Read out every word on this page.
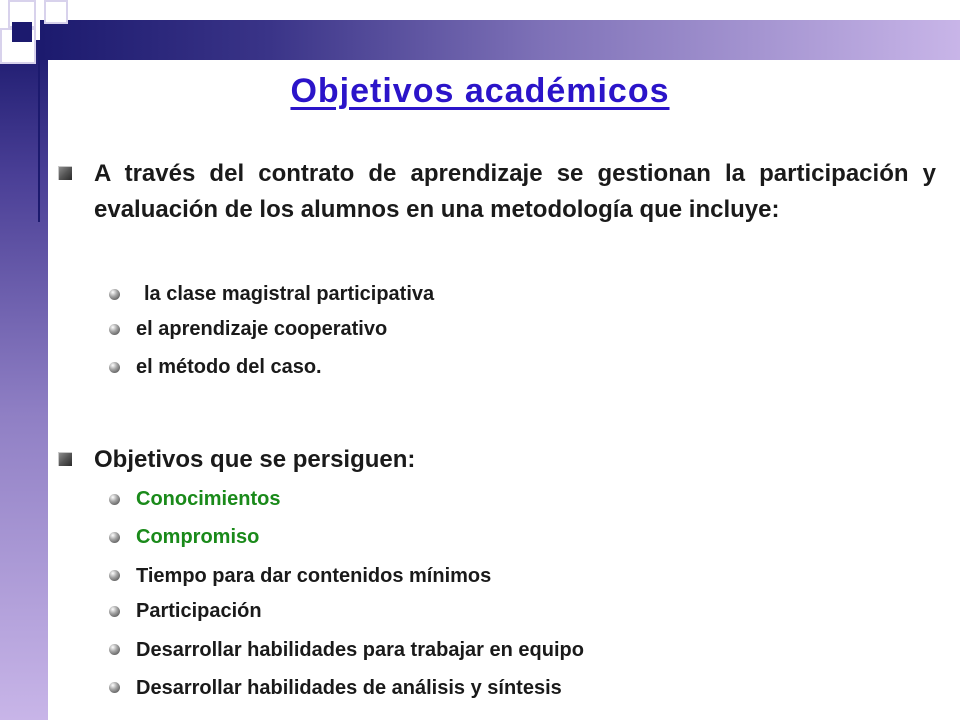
Objetivos académicos
A través del contrato de aprendizaje se gestionan la participación y evaluación de los alumnos en una metodología que incluye:
la clase magistral participativa
el aprendizaje cooperativo
el método del caso.
Objetivos que se persiguen:
Conocimientos
Compromiso
Tiempo para dar contenidos mínimos
Participación
Desarrollar habilidades para trabajar en equipo
Desarrollar habilidades de análisis y síntesis
